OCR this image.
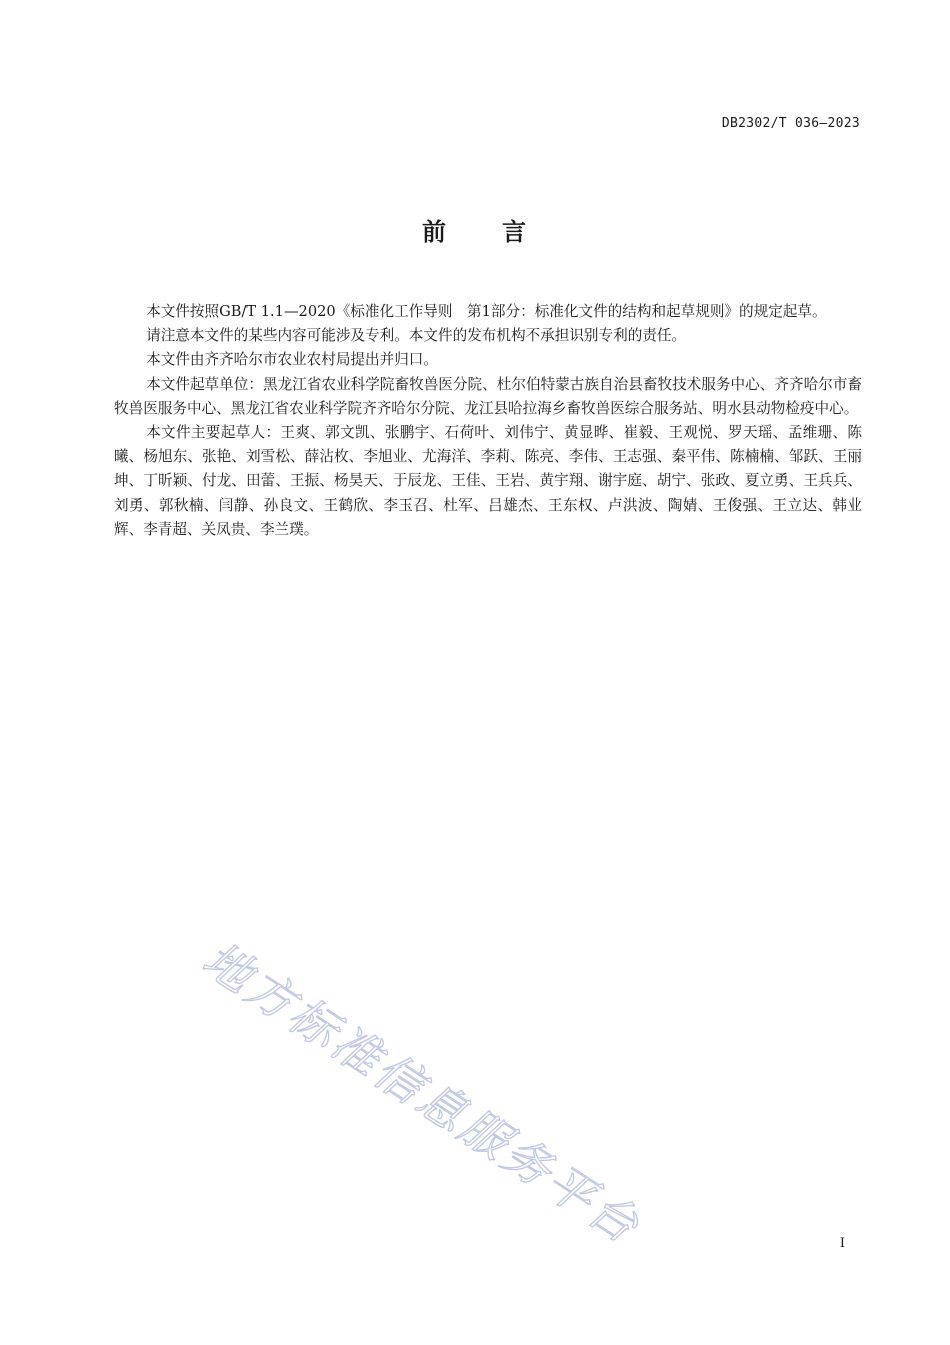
DB2302/T 036—2023
前 言

本文件按照GB/T 1.1—2020《标准化工作导则　第1部分：标准化文件的结构和起草规则》的规定起草。

请注意本文件的某些内容可能涉及专利。本文件的发布机构不承担识别专利的责任。

本文件由齐齐哈尔市农业农村局提出并归口。

本文件起草单位：黑龙江省农业科学院畜牧兽医分院、杜尔伯特蒙古族自治县畜牧技术服务中心、齐齐哈尔市畜牧兽医服务中心、黑龙江省农业科学院齐齐哈尔分院、龙江县哈拉海乡畜牧兽医综合服务站、明水县动物检疫中心。

本文件主要起草人：王爽、郭文凯、张鹏宇、石荷叶、刘伟宁、黄显晔、崔毅、王观悦、罗天瑶、孟维珊、陈曦、杨旭东、张艳、刘雪松、薛沾枚、李旭业、尤海洋、李莉、陈亮、李伟、王志强、秦平伟、陈楠楠、邹跃、王丽坤、丁昕颖、付龙、田蕾、王振、杨昊天、于辰龙、王佳、王岩、黄宇翔、谢宇庭、胡宁、张政、夏立勇、王兵兵、刘勇、郭秋楠、闫静、孙良文、王鹤欣、李玉召、杜军、吕雄杰、王东权、卢洪波、陶婧、王俊强、王立达、韩业辉、李青超、关凤贵、李兰璞。

地方标准信息服务平台	I
